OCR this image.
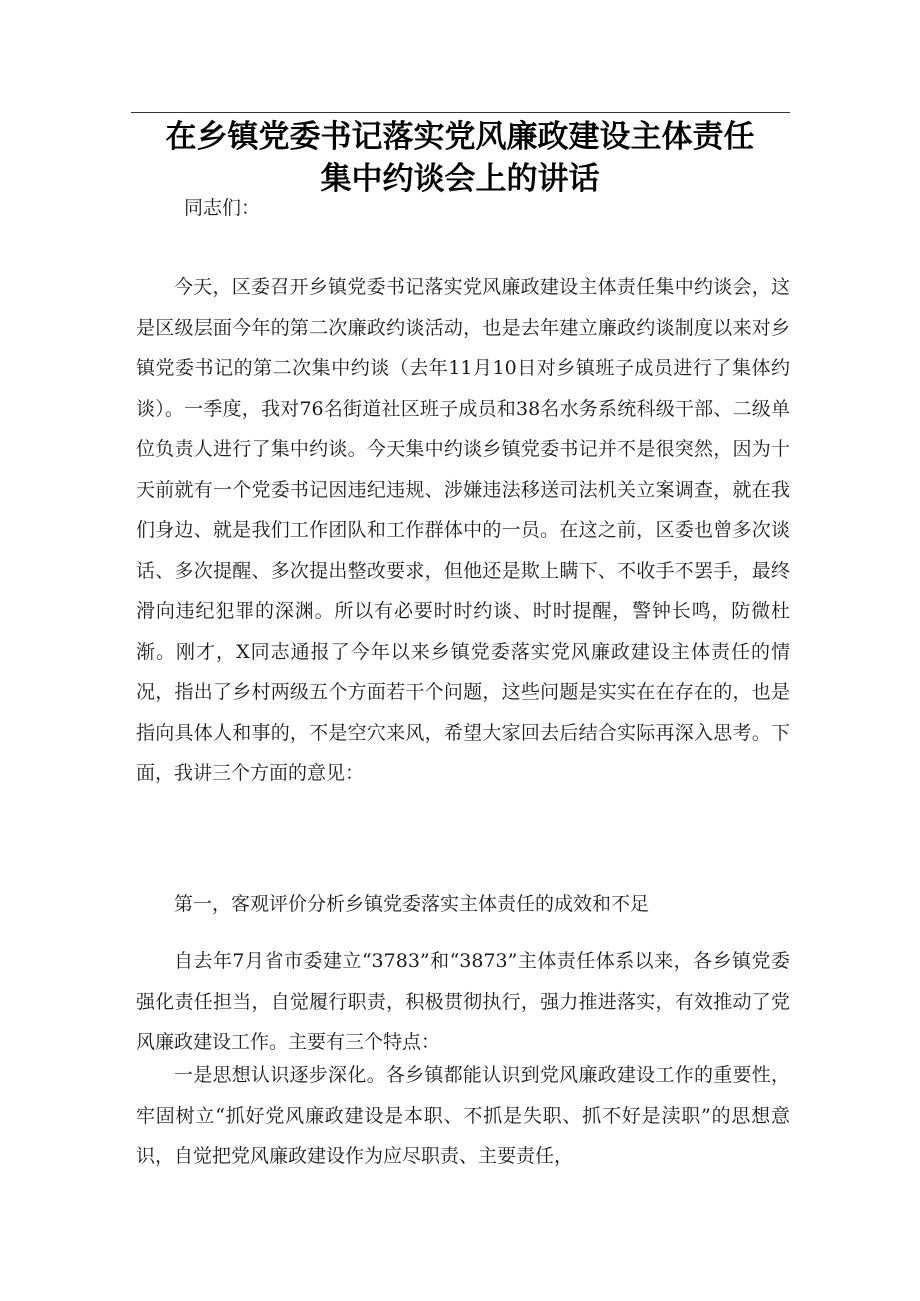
在乡镇党委书记落实党风廉政建设主体责任
集中约谈会上的讲话
同志们：

今天，区委召开乡镇党委书记落实党风廉政建设主体责任集中约谈会，这是区级层面今年的第二次廉政约谈活动，也是去年建立廉政约谈制度以来对乡镇党委书记的第二次集中约谈（去年11月10日对乡镇班子成员进行了集体约谈）。一季度，我对76名街道社区班子成员和38名水务系统科级干部、二级单位负责人进行了集中约谈。今天集中约谈乡镇党委书记并不是很突然，因为十天前就有一个党委书记因违纪违规、涉嫌违法移送司法机关立案调查，就在我们身边、就是我们工作团队和工作群体中的一员。在这之前，区委也曾多次谈话、多次提醒、多次提出整改要求，但他还是欺上瞒下、不收手不罢手，最终滑向违纪犯罪的深渊。所以有必要时时约谈、时时提醒，警钟长鸣，防微杜渐。刚才，X同志通报了今年以来乡镇党委落实党风廉政建设主体责任的情况，指出了乡村两级五个方面若干个问题，这些问题是实实在在存在的，也是指向具体人和事的，不是空穴来风，希望大家回去后结合实际再深入思考。下面，我讲三个方面的意见：

第一，客观评价分析乡镇党委落实主体责任的成效和不足

自去年7月省市委建立“3783”和“3873”主体责任体系以来，各乡镇党委强化责任担当，自觉履行职责，积极贯彻执行，强力推进落实，有效推动了党风廉政建设工作。主要有三个特点：

一是思想认识逐步深化。各乡镇都能认识到党风廉政建设工作的重要性，牢固树立“抓好党风廉政建设是本职、不抓是失职、抓不好是渎职”的思想意识，自觉把党风廉政建设作为应尽职责、主要责任，
